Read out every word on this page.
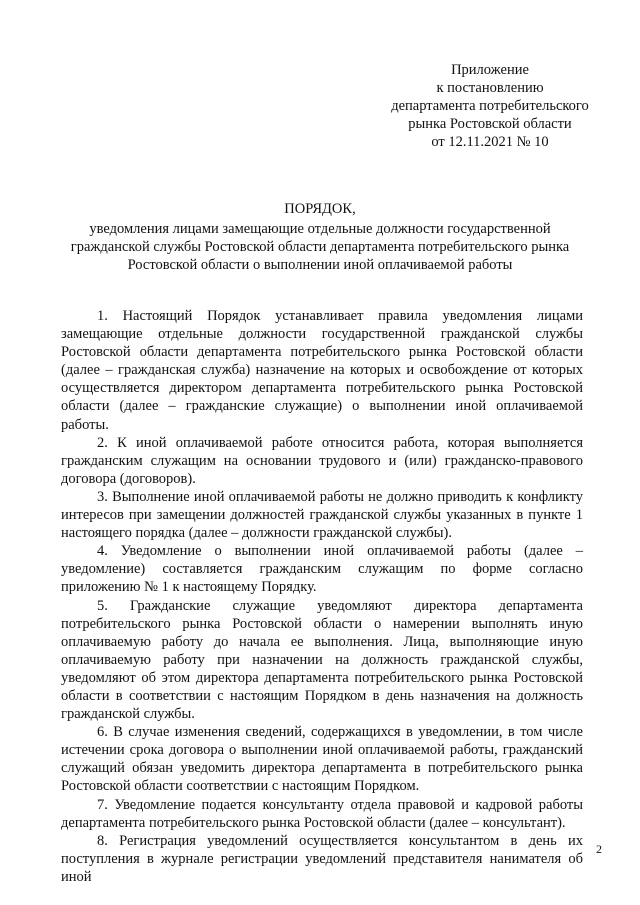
Приложение
к постановлению
департамента потребительского
рынка Ростовской области
от 12.11.2021 № 10
ПОРЯДОК,
уведомления лицами замещающие отдельные должности государственной
гражданской службы Ростовской области департамента потребительского рынка
Ростовской области о выполнении иной оплачиваемой работы

1. Настоящий Порядок устанавливает правила уведомления лицами замещающие отдельные должности государственной гражданской службы Ростовской области департамента потребительского рынка Ростовской области (далее – гражданская служба) назначение на которых и освобождение от которых осуществляется директором департамента потребительского рынка Ростовской области (далее – гражданские служащие) о выполнении иной оплачиваемой работы.

2. К иной оплачиваемой работе относится работа, которая выполняется гражданским служащим на основании трудового и (или) гражданско-правового договора (договоров).

3. Выполнение иной оплачиваемой работы не должно приводить к конфликту интересов при замещении должностей гражданской службы указанных в пункте 1 настоящего порядка (далее – должности гражданской службы).

4. Уведомление о выполнении иной оплачиваемой работы (далее – уведомление) составляется гражданским служащим по форме согласно приложению № 1 к настоящему Порядку.

5. Гражданские служащие уведомляют директора департамента потребительского рынка Ростовской области о намерении выполнять иную оплачиваемую работу до начала ее выполнения. Лица, выполняющие иную оплачиваемую работу при назначении на должность гражданской службы, уведомляют об этом директора департамента потребительского рынка Ростовской области в соответствии с настоящим Порядком в день назначения на должность гражданской службы.

6. В случае изменения сведений, содержащихся в уведомлении, в том числе истечении срока договора о выполнении иной оплачиваемой работы, гражданский служащий обязан уведомить директора департамента в потребительского рынка Ростовской области соответствии с настоящим Порядком.

7. Уведомление подается консультанту отдела правовой и кадровой работы департамента потребительского рынка Ростовской области (далее – консультант).

8. Регистрация уведомлений осуществляется консультантом в день их поступления в журнале регистрации уведомлений представителя нанимателя об иной

2
